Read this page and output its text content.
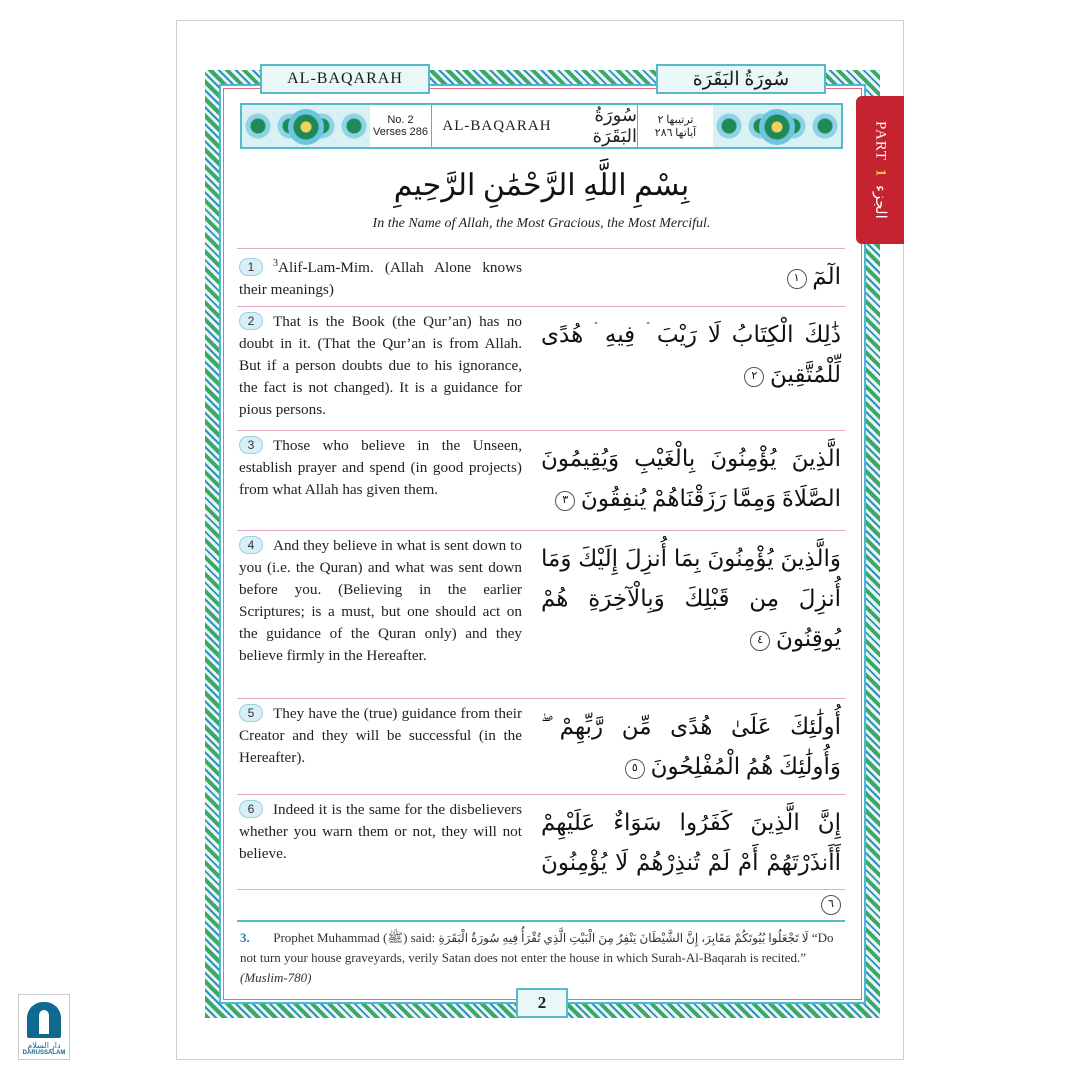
AL-BAQARAH	سُورَةُ البَقَرَة
No. 2
Verses 286 AL-BAQARAH
سُورَةُ البَقَرَة
ترتيبها ٢
آياتها ٢٨٦	PART
1
الجزء
بِسْمِ اللَّهِ الرَّحْمَٰنِ الرَّحِيمِ
In the Name of Allah, the Most Gracious, the Most Merciful.
1 $^3$Alif-Lam-Mim. (Allah Alone knows their meanings)
الٓمٓ ١
2 That is the Book (the Qur’an) has no doubt in it. (That the Qur’an is from Allah. But if a person doubts due to his ignorance, the fact is not changed). It is a guidance for pious persons.
ذَٰلِكَ الْكِتَابُ لَا رَيْبَ ۛ فِيهِ ۛ هُدًى لِّلْمُتَّقِينَ ٢
3 Those who believe in the Unseen, establish prayer and spend (in good projects) from what Allah has given them.
الَّذِينَ يُؤْمِنُونَ بِالْغَيْبِ وَيُقِيمُونَ الصَّلَاةَ وَمِمَّا رَزَقْنَاهُمْ يُنفِقُونَ ٣
4 And they believe in what is sent down to you (i.e. the Quran) and what was sent down before you. (Believing in the earlier Scriptures; is a must, but one should act on the guidance of the Quran only) and they believe firmly in the Hereafter.
وَالَّذِينَ يُؤْمِنُونَ بِمَا أُنزِلَ إِلَيْكَ وَمَا أُنزِلَ مِن قَبْلِكَ وَبِالْآخِرَةِ هُمْ يُوقِنُونَ ٤
5 They have the (true) guidance from their Creator and they will be successful (in the Hereafter).
أُولَٰئِكَ عَلَىٰ هُدًى مِّن رَّبِّهِمْ ۖ وَأُولَٰئِكَ هُمُ الْمُفْلِحُونَ ٥
6 Indeed it is the same for the disbelievers whether you warn them or not, they will not believe.
إِنَّ الَّذِينَ كَفَرُوا سَوَاءٌ عَلَيْهِمْ أَأَنذَرْتَهُمْ أَمْ لَمْ تُنذِرْهُمْ لَا يُؤْمِنُونَ ٦
3. Prophet Muhammad (ﷺ) said: لَا تَجْعَلُوا بُيُوتَكُمْ مَقَابِرَ، إِنَّ الشَّيْطَانَ يَنْفِرُ مِنَ الْبَيْتِ الَّذِي تُقْرَأُ فِيهِ سُورَةُ الْبَقَرَةِ “Do not turn your house graveyards, verily Satan does not enter the house in which Surah-Al-Baqarah is recited.” (Muslim-780)
2
دار السلام
DARUSSALAM
